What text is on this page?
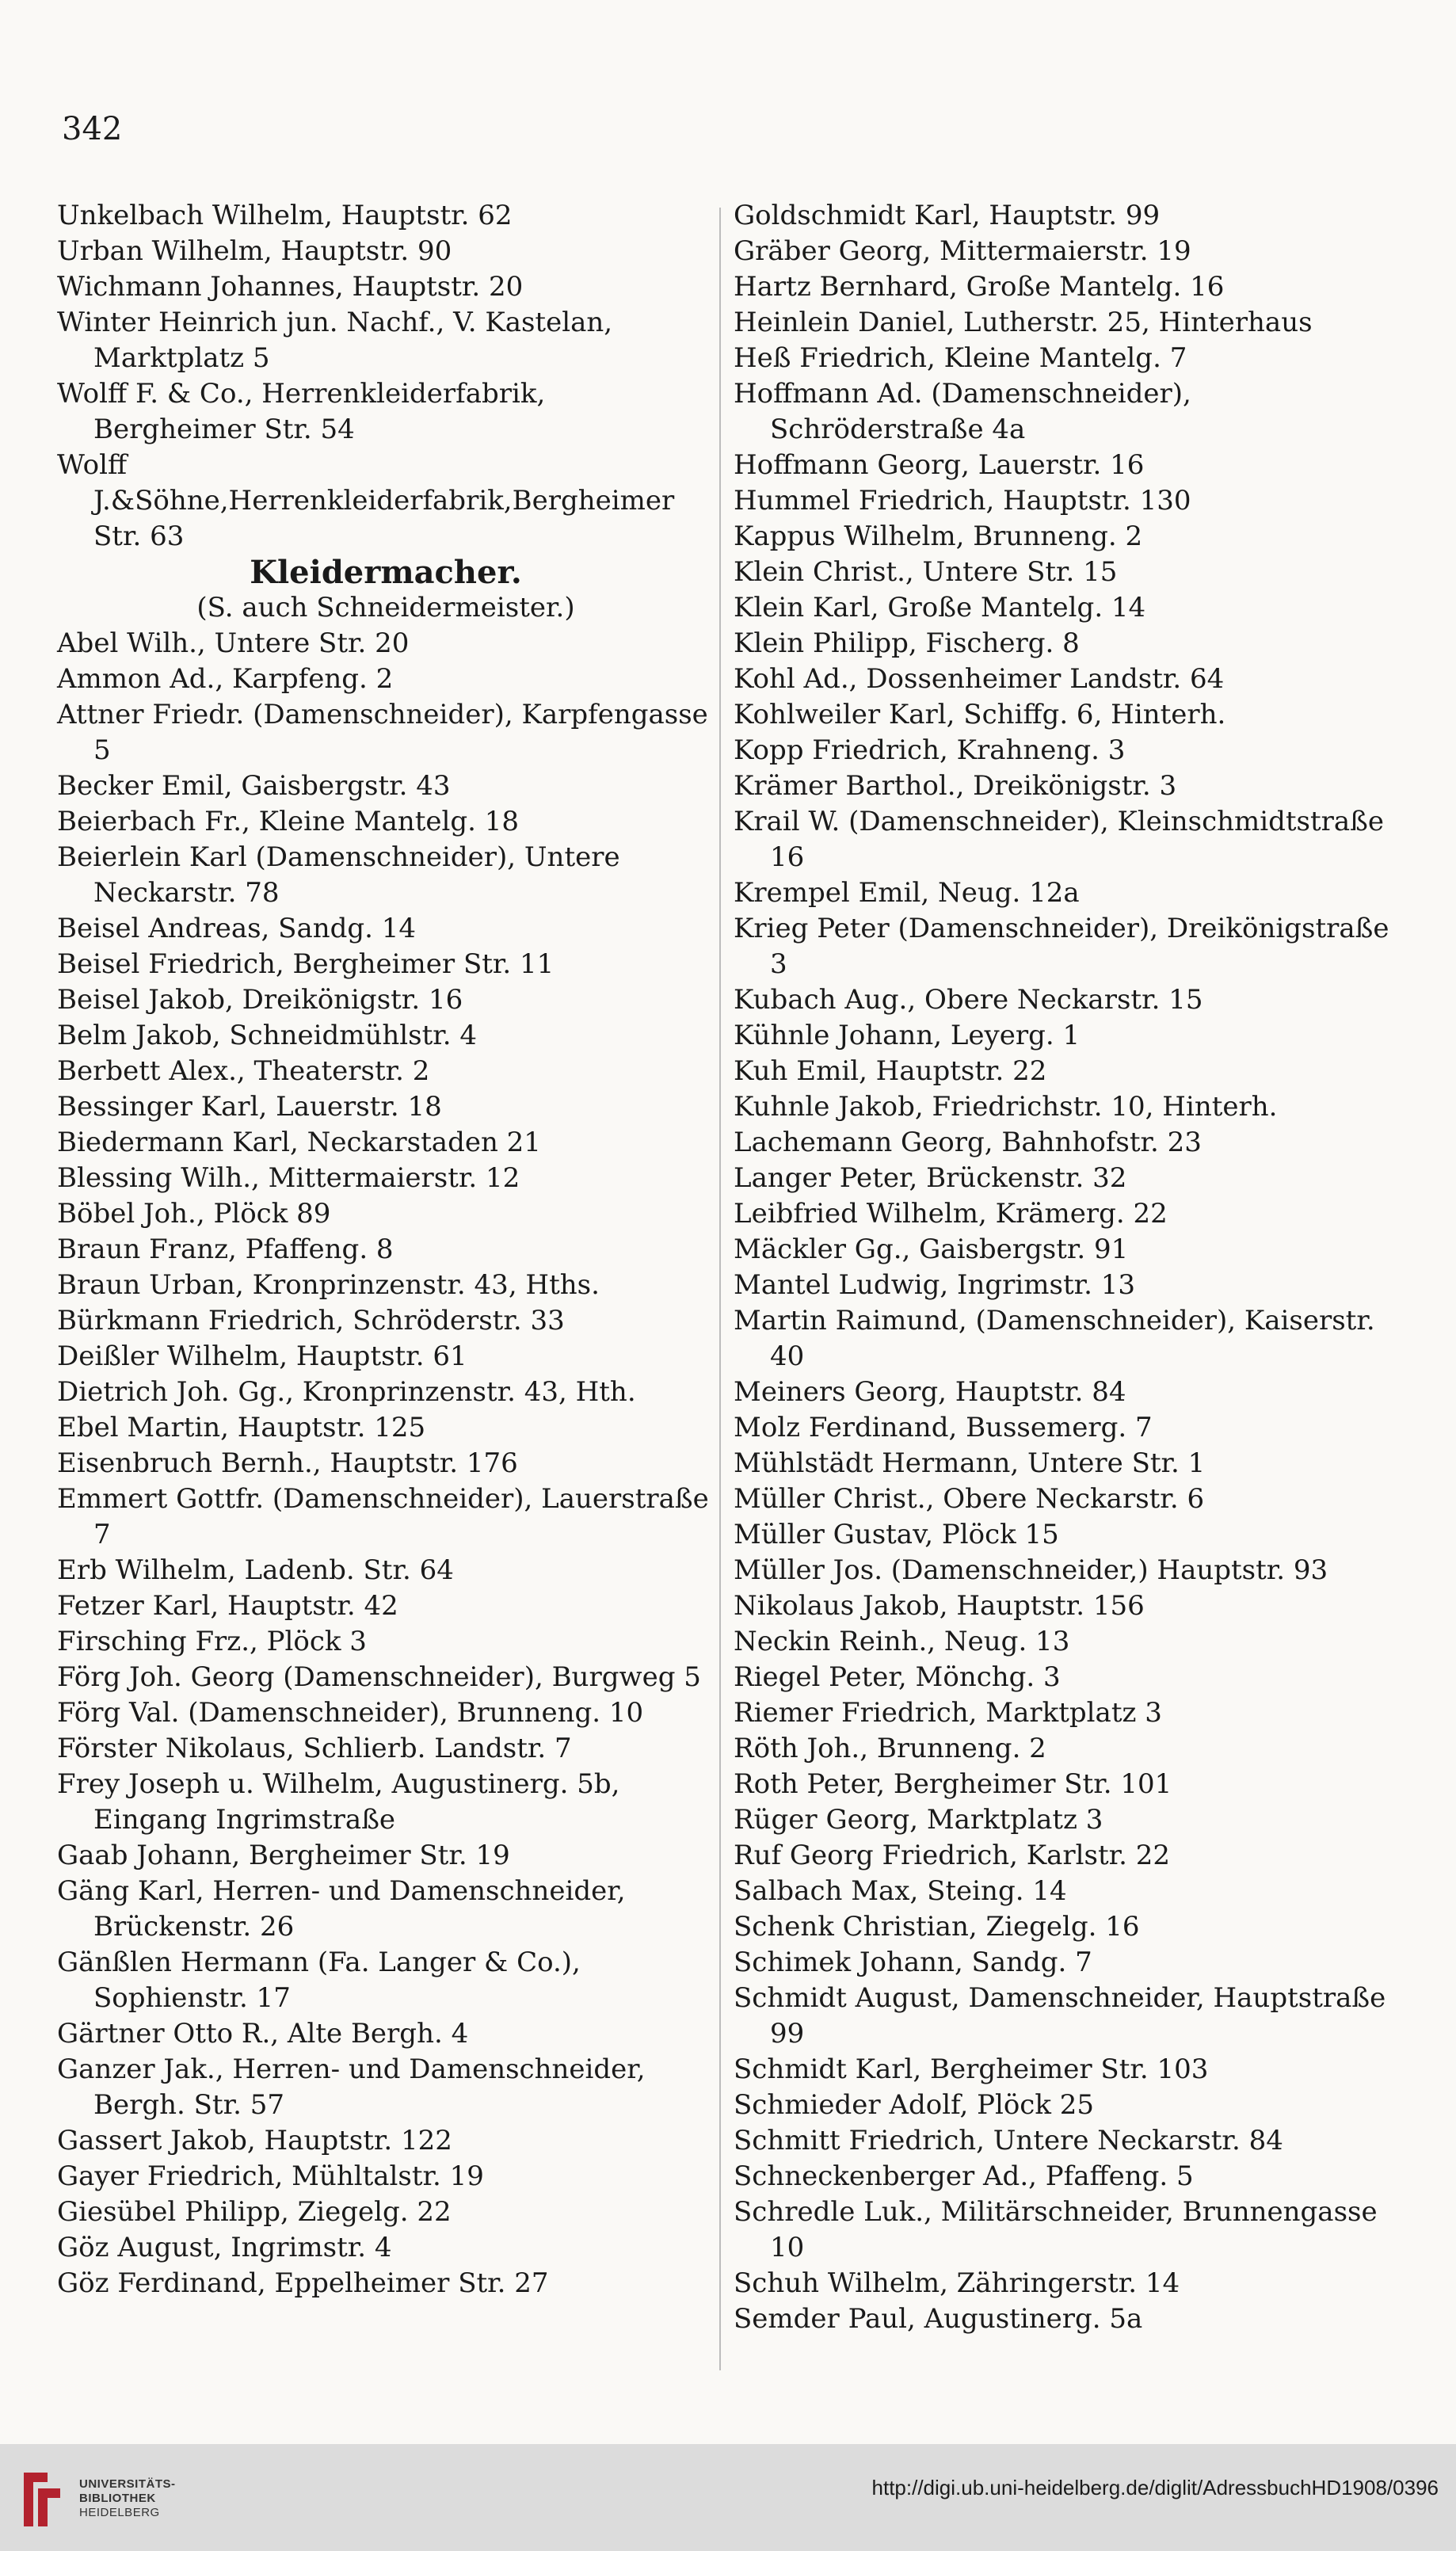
342

Unkelbach Wilhelm, Hauptstr. 62

Urban Wilhelm, Hauptstr. 90

Wichmann Johannes, Hauptstr. 20

Winter Heinrich jun. Nachf., V. Kastelan, Marktplatz 5

Wolff F. & Co., Herrenkleiderfabrik, Bergheimer Str. 54

Wolff J.&Söhne,Herrenkleiderfabrik,Bergheimer Str. 63

Kleidermacher.

(S. auch Schneidermeister.)

Abel Wilh., Untere Str. 20

Ammon Ad., Karpfeng. 2

Attner Friedr. (Damenschneider), Karpfengasse 5

Becker Emil, Gaisbergstr. 43

Beierbach Fr., Kleine Mantelg. 18

Beierlein Karl (Damenschneider), Untere Neckarstr. 78

Beisel Andreas, Sandg. 14

Beisel Friedrich, Bergheimer Str. 11

Beisel Jakob, Dreikönigstr. 16

Belm Jakob, Schneidmühlstr. 4

Berbett Alex., Theaterstr. 2

Bessinger Karl, Lauerstr. 18

Biedermann Karl, Neckarstaden 21

Blessing Wilh., Mittermaierstr. 12

Böbel Joh., Plöck 89

Braun Franz, Pfaffeng. 8

Braun Urban, Kronprinzenstr. 43, Hths.

Bürkmann Friedrich, Schröderstr. 33

Deißler Wilhelm, Hauptstr. 61

Dietrich Joh. Gg., Kronprinzenstr. 43, Hth.

Ebel Martin, Hauptstr. 125

Eisenbruch Bernh., Hauptstr. 176

Emmert Gottfr. (Damenschneider), Lauerstraße 7

Erb Wilhelm, Ladenb. Str. 64

Fetzer Karl, Hauptstr. 42

Firsching Frz., Plöck 3

Förg Joh. Georg (Damenschneider), Burgweg 5

Förg Val. (Damenschneider), Brunneng. 10

Förster Nikolaus, Schlierb. Landstr. 7

Frey Joseph u. Wilhelm, Augustinerg. 5b, Eingang Ingrimstraße

Gaab Johann, Bergheimer Str. 19

Gäng Karl, Herren- und Damenschneider, Brückenstr. 26

Gänßlen Hermann (Fa. Langer & Co.), Sophienstr. 17

Gärtner Otto R., Alte Bergh. 4

Ganzer Jak., Herren- und Damenschneider, Bergh. Str. 57

Gassert Jakob, Hauptstr. 122

Gayer Friedrich, Mühltalstr. 19

Giesübel Philipp, Ziegelg. 22

Göz August, Ingrimstr. 4

Göz Ferdinand, Eppelheimer Str. 27

Goldschmidt Karl, Hauptstr. 99

Gräber Georg, Mittermaierstr. 19

Hartz Bernhard, Große Mantelg. 16

Heinlein Daniel, Lutherstr. 25, Hinterhaus

Heß Friedrich, Kleine Mantelg. 7

Hoffmann Ad. (Damenschneider), Schröderstraße 4a

Hoffmann Georg, Lauerstr. 16

Hummel Friedrich, Hauptstr. 130

Kappus Wilhelm, Brunneng. 2

Klein Christ., Untere Str. 15

Klein Karl, Große Mantelg. 14

Klein Philipp, Fischerg. 8

Kohl Ad., Dossenheimer Landstr. 64

Kohlweiler Karl, Schiffg. 6, Hinterh.

Kopp Friedrich, Krahneng. 3

Krämer Barthol., Dreikönigstr. 3

Krail W. (Damenschneider), Kleinschmidtstraße 16

Krempel Emil, Neug. 12a

Krieg Peter (Damenschneider), Dreikönigstraße 3

Kubach Aug., Obere Neckarstr. 15

Kühnle Johann, Leyerg. 1

Kuh Emil, Hauptstr. 22

Kuhnle Jakob, Friedrichstr. 10, Hinterh.

Lachemann Georg, Bahnhofstr. 23

Langer Peter, Brückenstr. 32

Leibfried Wilhelm, Krämerg. 22

Mäckler Gg., Gaisbergstr. 91

Mantel Ludwig, Ingrimstr. 13

Martin Raimund, (Damenschneider), Kaiserstr. 40

Meiners Georg, Hauptstr. 84

Molz Ferdinand, Bussemerg. 7

Mühlstädt Hermann, Untere Str. 1

Müller Christ., Obere Neckarstr. 6

Müller Gustav, Plöck 15

Müller Jos. (Damenschneider,) Hauptstr. 93

Nikolaus Jakob, Hauptstr. 156

Neckin Reinh., Neug. 13

Riegel Peter, Mönchg. 3

Riemer Friedrich, Marktplatz 3

Röth Joh., Brunneng. 2

Roth Peter, Bergheimer Str. 101

Rüger Georg, Marktplatz 3

Ruf Georg Friedrich, Karlstr. 22

Salbach Max, Steing. 14

Schenk Christian, Ziegelg. 16

Schimek Johann, Sandg. 7

Schmidt August, Damenschneider, Hauptstraße 99

Schmidt Karl, Bergheimer Str. 103

Schmieder Adolf, Plöck 25

Schmitt Friedrich, Untere Neckarstr. 84

Schneckenberger Ad., Pfaffeng. 5

Schredle Luk., Militärschneider, Brunnengasse 10

Schuh Wilhelm, Zähringerstr. 14

Semder Paul, Augustinerg. 5a

UNIVERSITÄTS-
BIBLIOTHEK
HEIDELBERG
http://digi.ub.uni-heidelberg.de/diglit/AdressbuchHD1908/0396
